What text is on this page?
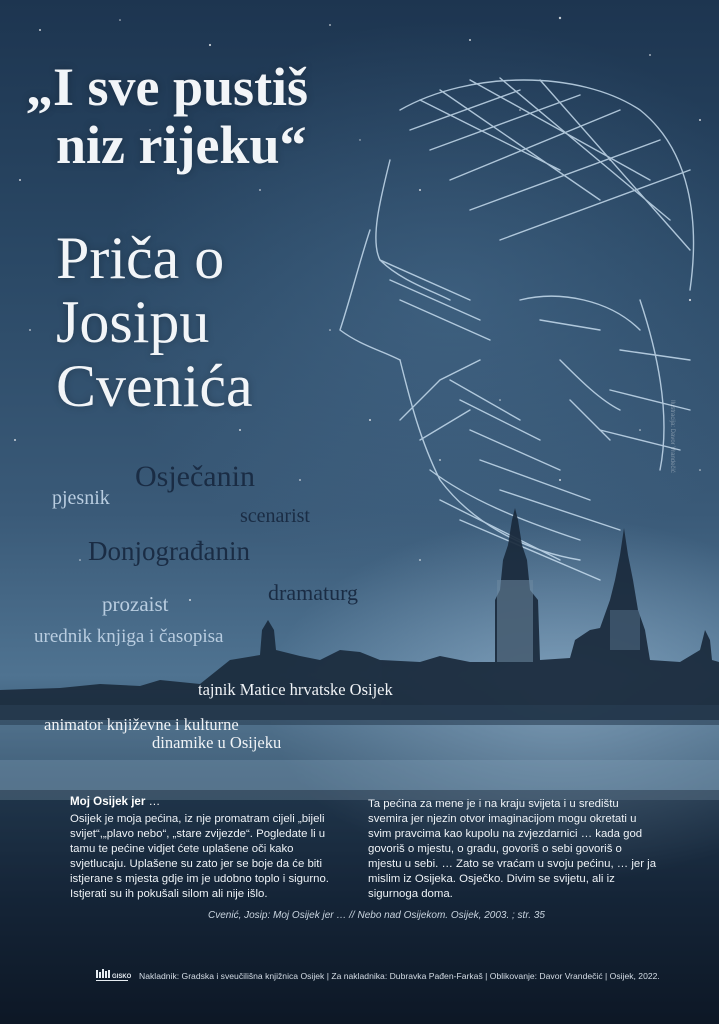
„I sve pustiš
niz rijeku“
Priča o
Josipu
Cvenića
Osječanin
pjesnik
scenarist
Donjograđanin
dramaturg
prozaist
urednik knjiga i časopisa
tajnik Matice hrvatske Osijek
animator književne i kulturne
dinamike u Osijeku
Ilustracija: Davor Vrandečić

Moj Osijek jer …

Osijek je moja pećina, iz nje promatram cijeli „bijeli svijet“,„plavo nebo“, „stare zvijezde“. Pogledate li u tamu te pećine vidjet ćete uplašene oči kako svjetlucaju. Uplašene su zato jer se boje da će biti istjerane s mjesta gdje im je udobno toplo i sigurno. Istjerati su ih pokušali silom ali nije išlo.

Ta pećina za mene je i na kraju svijeta i u središtu svemira jer njezin otvor imaginacijom mogu okretati u svim pravcima kao kupolu na zvjezdarnici … kada god govoriš o mjestu, o gradu, govoriš o sebi govoriš o mjestu u sebi. … Zato se vraćam u svoju pećinu, … jer ja mislim iz Osijeka. Osječko. Divim se svijetu, ali iz sigurnoga doma.

Cvenić, Josip: Moj Osijek jer … // Nebo nad Osijekom. Osijek, 2003. ; str. 35
GISKO Nakladnik: Gradska i sveučilišna knjižnica Osijek | Za nakladnika: Dubravka Pađen-Farkaš | Oblikovanje: Davor Vrandečić | Osijek, 2022.
